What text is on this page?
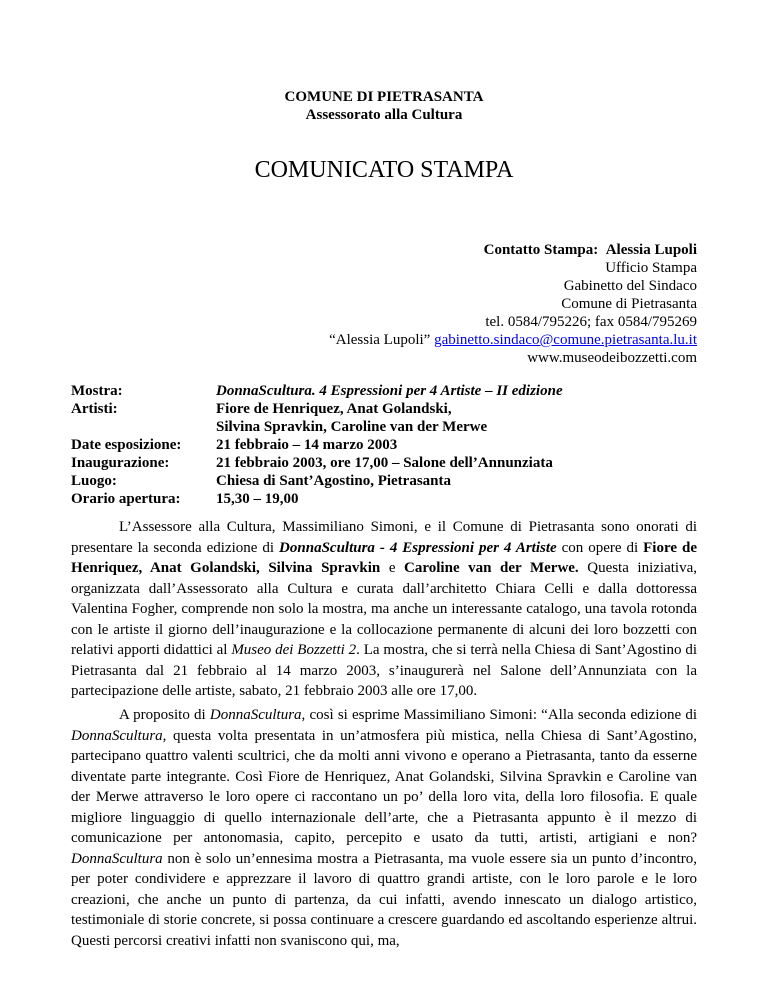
COMUNE DI PIETRASANTA
Assessorato alla Cultura
COMUNICATO STAMPA
Contatto Stampa: Alessia Lupoli
Ufficio Stampa
Gabinetto del Sindaco
Comune di Pietrasanta
tel. 0584/795226; fax 0584/795269
“Alessia Lupoli” gabinetto.sindaco@comune.pietrasanta.lu.it
www.museodeibozzetti.com
Mostra:	DonnaScultura. 4 Espressioni per 4 Artiste – II edizione
Artisti:	Fiore de Henriquez, Anat Golandski,
	Silvina Spravkin, Caroline van der Merwe
Date esposizione:	21 febbraio – 14 marzo 2003
Inaugurazione:	21 febbraio 2003, ore 17,00 – Salone dell’Annunziata
Luogo:	Chiesa di Sant’Agostino, Pietrasanta
Orario apertura:	15,30 – 19,00

L’Assessore alla Cultura, Massimiliano Simoni, e il Comune di Pietrasanta sono onorati di presentare la seconda edizione di DonnaScultura - 4 Espressioni per 4 Artiste con opere di Fiore de Henriquez, Anat Golandski, Silvina Spravkin e Caroline van der Merwe. Questa iniziativa, organizzata dall’Assessorato alla Cultura e curata dall’architetto Chiara Celli e dalla dottoressa Valentina Fogher, comprende non solo la mostra, ma anche un interessante catalogo, una tavola rotonda con le artiste il giorno dell’inaugurazione e la collocazione permanente di alcuni dei loro bozzetti con relativi apporti didattici al Museo dei Bozzetti 2. La mostra, che si terrà nella Chiesa di Sant’Agostino di Pietrasanta dal 21 febbraio al 14 marzo 2003, s’inaugurerà nel Salone dell’Annunziata con la partecipazione delle artiste, sabato, 21 febbraio 2003 alle ore 17,00.

A proposito di DonnaScultura, così si esprime Massimiliano Simoni: “Alla seconda edizione di DonnaScultura, questa volta presentata in un’atmosfera più mistica, nella Chiesa di Sant’Agostino, partecipano quattro valenti scultrici, che da molti anni vivono e operano a Pietrasanta, tanto da esserne diventate parte integrante. Così Fiore de Henriquez, Anat Golandski, Silvina Spravkin e Caroline van der Merwe attraverso le loro opere ci raccontano un po’ della loro vita, della loro filosofia. E quale migliore linguaggio di quello internazionale dell’arte, che a Pietrasanta appunto è il mezzo di comunicazione per antonomasia, capito, percepito e usato da tutti, artisti, artigiani e non? DonnaScultura non è solo un’ennesima mostra a Pietrasanta, ma vuole essere sia un punto d’incontro, per poter condividere e apprezzare il lavoro di quattro grandi artiste, con le loro parole e le loro creazioni, che anche un punto di partenza, da cui infatti, avendo innescato un dialogo artistico, testimoniale di storie concrete, si possa continuare a crescere guardando ed ascoltando esperienze altrui. Questi percorsi creativi infatti non svaniscono qui, ma,
